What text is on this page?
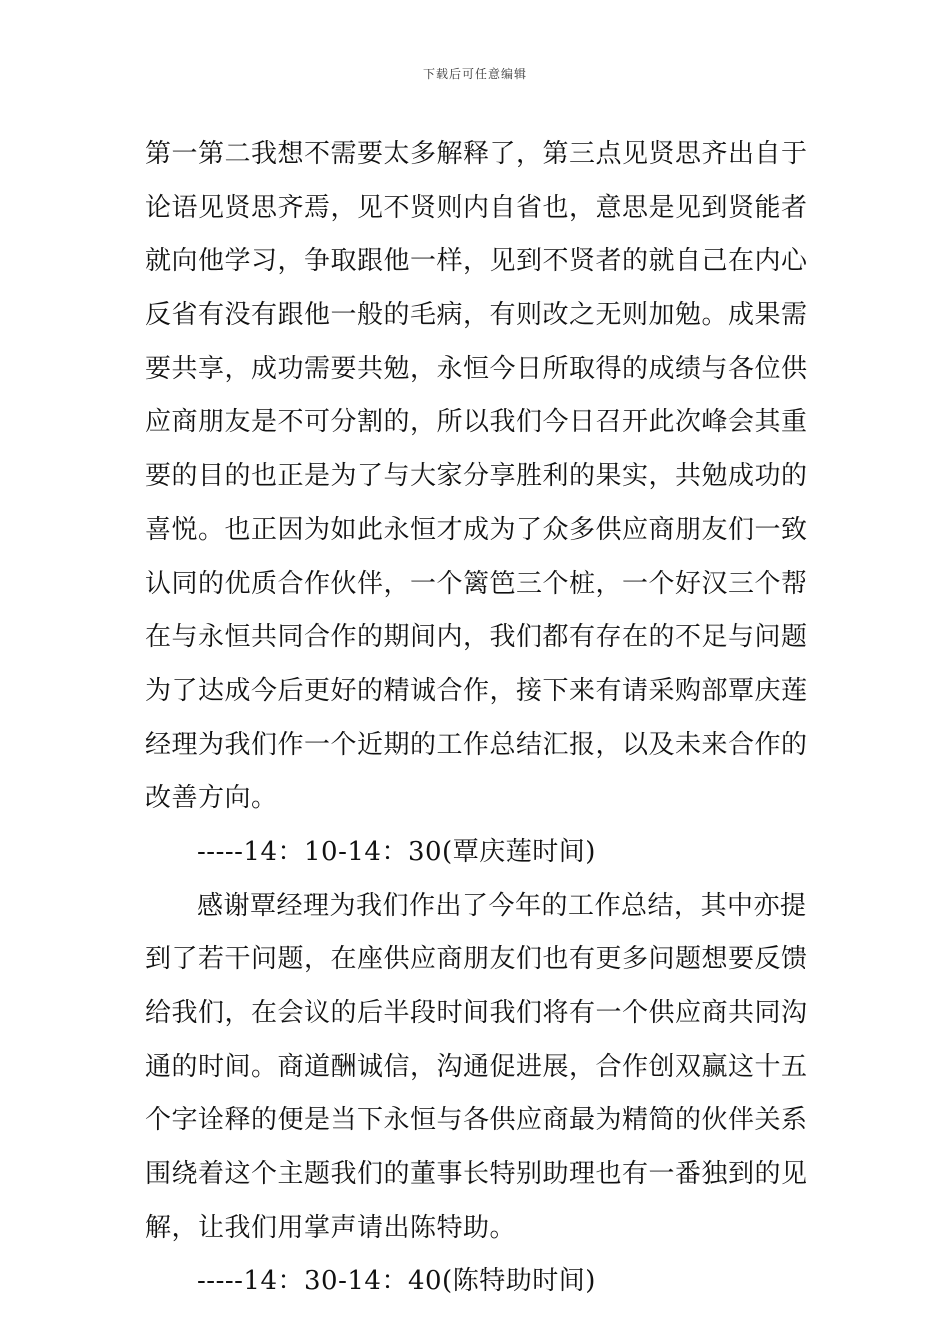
下载后可任意编辑
第一第二我想不需要太多解释了，第三点见贤思齐出自于
论语见贤思齐焉，见不贤则内自省也，意思是见到贤能者
就向他学习，争取跟他一样，见到不贤者的就自己在内心
反省有没有跟他一般的毛病，有则改之无则加勉。成果需
要共享，成功需要共勉，永恒今日所取得的成绩与各位供
应商朋友是不可分割的，所以我们今日召开此次峰会其重
要的目的也正是为了与大家分享胜利的果实，共勉成功的
喜悦。也正因为如此永恒才成为了众多供应商朋友们一致
认同的优质合作伙伴，一个篱笆三个桩，一个好汉三个帮
在与永恒共同合作的期间内，我们都有存在的不足与问题
为了达成今后更好的精诚合作，接下来有请采购部覃庆莲
经理为我们作一个近期的工作总结汇报，以及未来合作的
改善方向。
-----14：10-14：30(覃庆莲时间)
感谢覃经理为我们作出了今年的工作总结，其中亦提
到了若干问题，在座供应商朋友们也有更多问题想要反馈
给我们，在会议的后半段时间我们将有一个供应商共同沟
通的时间。商道酬诚信，沟通促进展，合作创双赢这十五
个字诠释的便是当下永恒与各供应商最为精简的伙伴关系
围绕着这个主题我们的董事长特别助理也有一番独到的见
解，让我们用掌声请出陈特助。
-----14：30-14：40(陈特助时间)
